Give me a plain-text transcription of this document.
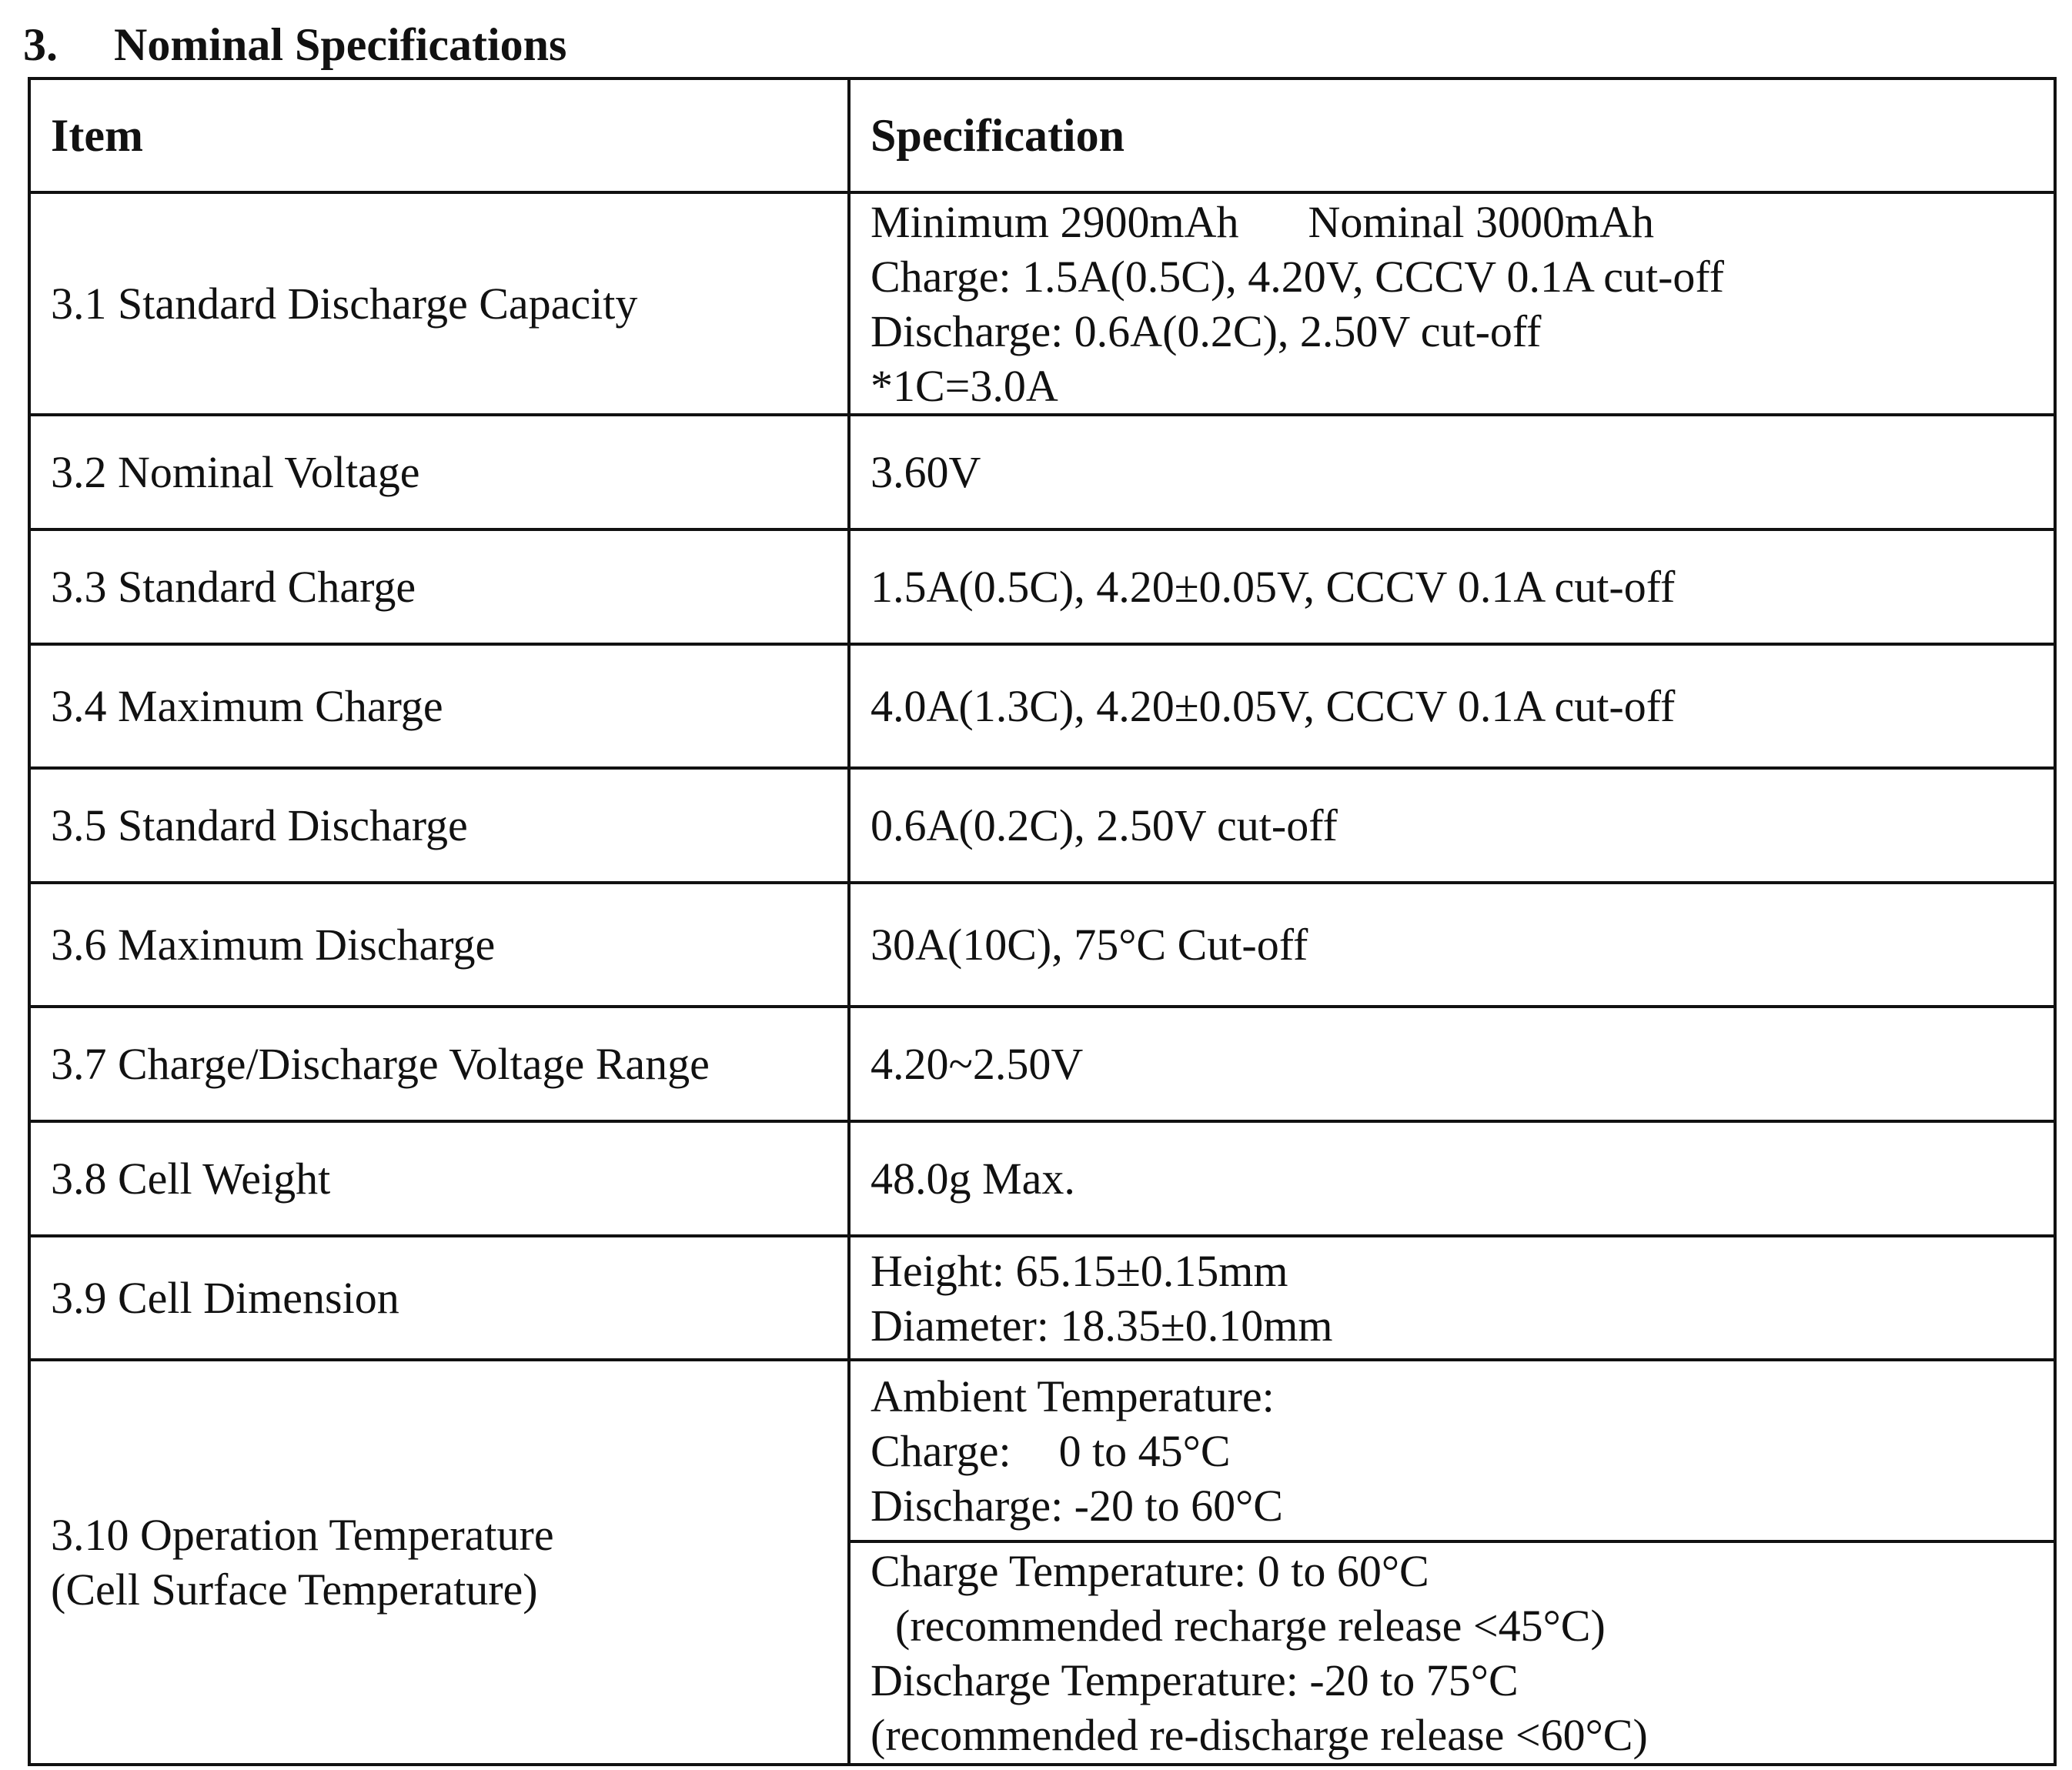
3. Nominal Specifications
Item	Specification
3.1 Standard Discharge Capacity	Minimum 2900mAh Nominal 3000mAh
Charge: 1.5A(0.5C), 4.20V, CCCV 0.1A cut-off
Discharge: 0.6A(0.2C), 2.50V cut-off
*1C=3.0A

3.2 Nominal Voltage	3.60V
3.3 Standard Charge	1.5A(0.5C), 4.20±0.05V, CCCV 0.1A cut-off
3.4 Maximum Charge	4.0A(1.3C), 4.20±0.05V, CCCV 0.1A cut-off
3.5 Standard Discharge	0.6A(0.2C), 2.50V cut-off
3.6 Maximum Discharge	30A(10C), 75°C Cut-off
3.7 Charge/Discharge Voltage Range	4.20~2.50V
3.8 Cell Weight	48.0g Max.
3.9 Cell Dimension	Height: 65.15±0.15mm
Diameter: 18.35±0.10mm

3.10 Operation Temperature
(Cell Surface Temperature)	Ambient Temperature:
Charge: 0 to 45°C
Discharge: -20 to 60°C

	Charge Temperature: 0 to 60°C
(recommended recharge release <45°C)
Discharge Temperature: -20 to 75°C
(recommended re-discharge release <60°C)
